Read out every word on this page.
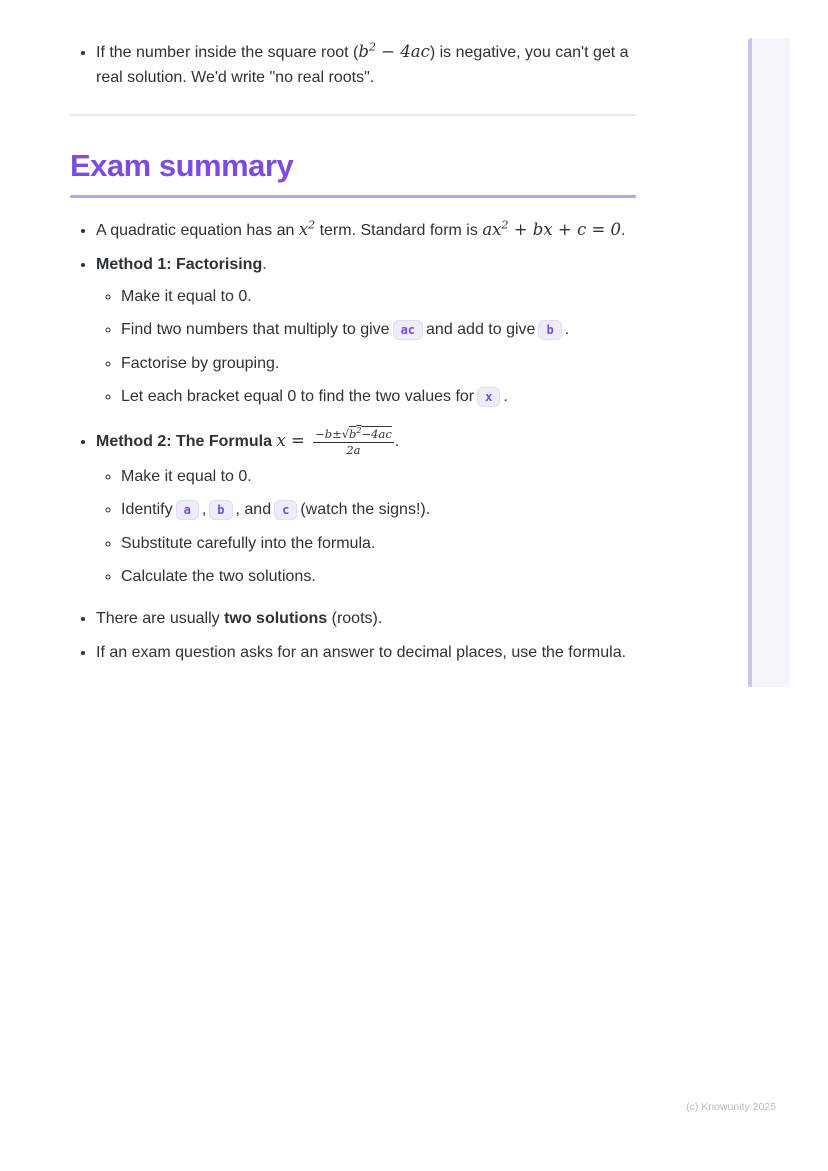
• If the number inside the square root $(b^2 - 4ac)$ is negative, you can't get a real solution. We'd write "no real roots".
Exam summary
• A quadratic equation has an $x^2$ term. Standard form is $ax^2$ + bx + c = 0.
• Method 1: Factorising.
◦ Make it equal to 0.
◦ Find two numbers that multiply to give ac and add to give b .
◦ Factorise by grouping.
◦ Let each bracket equal 0 to find the two values for x .
• Method 2: The Formula $x = \frac{-b\pm√b^2-4ac}{2a}$ .
◦ Make it equal to 0.
◦ Identify a , b , and c (watch the signs!).
◦ Substitute carefully into the formula.
◦ Calculate the two solutions.
• There are usually two solutions (roots).
• If an exam question asks for an answer to decimal places, use the formula.
(c) Knowunity 2025
